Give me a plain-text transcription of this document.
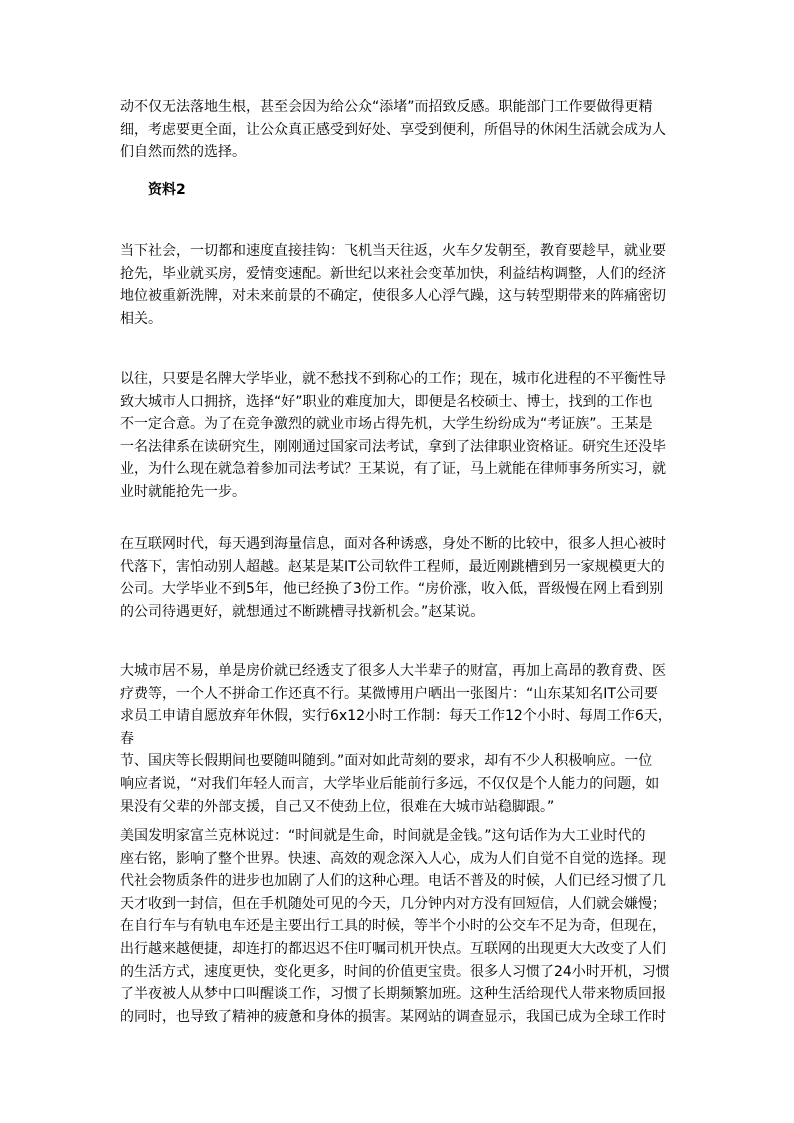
动不仅无法落地生根，甚至会因为给公众“添堵”而招致反感。职能部门工作要做得更精
细，考虑要更全面，让公众真正感受到好处、享受到便利，所倡导的休闲生活就会成为人
们自然而然的选择。
资料2
当下社会，一切都和速度直接挂钩：飞机当天往返，火车夕发朝至，教育要趁早，就业要
抢先，毕业就买房，爱情变速配。新世纪以来社会变革加快，利益结构调整，人们的经济
地位被重新洗牌，对未来前景的不确定，使很多人心浮气躁，这与转型期带来的阵痛密切
相关。
以往，只要是名牌大学毕业，就不愁找不到称心的工作；现在，城市化进程的不平衡性导
致大城市人口拥挤，选择“好”职业的难度加大，即便是名校硕士、博士，找到的工作也
不一定合意。为了在竞争激烈的就业市场占得先机，大学生纷纷成为“考证族”。王某是
一名法律系在读研究生，刚刚通过国家司法考试，拿到了法律职业资格证。研究生还没毕
业，为什么现在就急着参加司法考试？王某说，有了证，马上就能在律师事务所实习，就
业时就能抢先一步。
在互联网时代，每天遇到海量信息，面对各种诱惑，身处不断的比较中，很多人担心被时
代落下，害怕动别人超越。赵某是某IT公司软件工程师，最近刚跳槽到另一家规模更大的
公司。大学毕业不到5年，他已经换了3份工作。“房价涨，收入低，晋级慢在网上看到别
的公司待遇更好，就想通过不断跳槽寻找新机会。”赵某说。
大城市居不易，单是房价就已经透支了很多人大半辈子的财富，再加上高昂的教育费、医
疗费等，一个人不拼命工作还真不行。某微博用户晒出一张图片：“山东某知名IT公司要
求员工申请自愿放弃年休假，实行6x12小时工作制：每天工作12个小时、每周工作6天，春
节、国庆等长假期间也要随叫随到。”面对如此苛刻的要求，却有不少人积极响应。一位
响应者说，“对我们年轻人而言，大学毕业后能前行多远，不仅仅是个人能力的问题，如
果没有父辈的外部支援，自己又不使劲上位，很难在大城市站稳脚跟。”
美国发明家富兰克林说过：“时间就是生命，时间就是金钱。”这句话作为大工业时代的
座右铭，影响了整个世界。快速、高效的观念深入人心，成为人们自觉不自觉的选择。现
代社会物质条件的进步也加剧了人们的这种心理。电话不普及的时候，人们已经习惯了几
天才收到一封信，但在手机随处可见的今天，几分钟内对方没有回短信，人们就会嫌慢；
在自行车与有轨电车还是主要出行工具的时候，等半个小时的公交车不足为奇，但现在，
出行越来越便捷，却连打的都迟迟不住叮嘱司机开快点。互联网的出现更大大改变了人们
的生活方式，速度更快，变化更多，时间的价值更宝贵。很多人习惯了24小时开机，习惯
了半夜被人从梦中口叫醒谈工作，习惯了长期频繁加班。这种生活给现代人带来物质回报
的同时，也导致了精神的疲惫和身体的损害。某网站的调查显示，我国已成为全球工作时
